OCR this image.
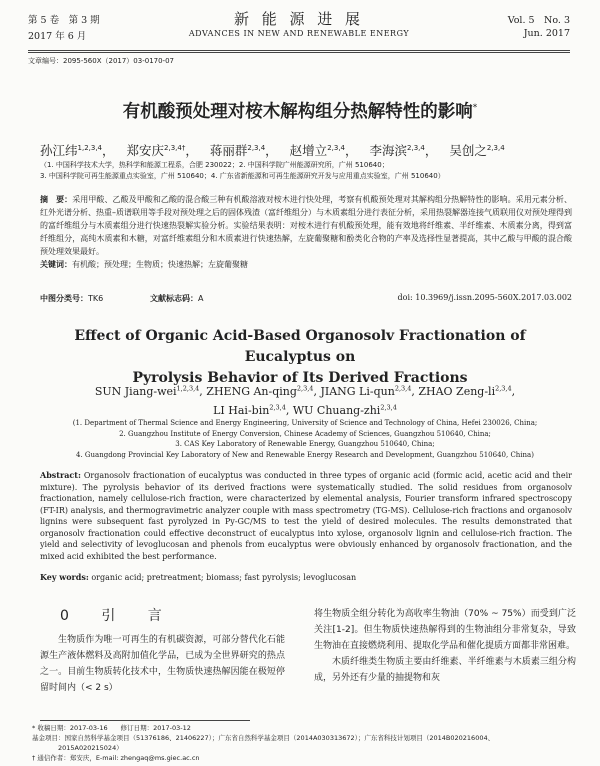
第 5 卷　第 3 期
2017 年 6 月
新 能 源 进 展
ADVANCES IN NEW AND RENEWABLE ENERGY
Vol. 5　No. 3
Jun. 2017
文章编号：2095-560X（2017）03-0170-07
有机酸预处理对桉木解构组分热解特性的影响*
孙江纬$^{1,2,3,4}$， 郑安庆$^{2,3,4\dagger}$， 蒋丽群$^{2,3,4}$， 赵增立$^{2,3,4}$， 李海滨$^{2,3,4}$， 吴创之$^{2,3,4}$
（1. 中国科学技术大学，热科学和能源工程系，合肥 230022；2. 中国科学院广州能源研究所，广州 510640；
3. 中国科学院可再生能源重点实验室，广州 510640；4. 广东省新能源和可再生能源研究开发与应用重点实验室，广州 510640）
摘　要：采用甲酸、乙酸及甲酸和乙酸的混合酸三种有机酸溶液对桉木进行快处理，考察有机酸预处理对其解构组分热解特性的影响。采用元素分析、红外光谱分析、热重–质谱联用等手段对预处理之后的固体残渣（富纤维组分）与木质素组分进行表征分析，采用热裂解器连接气质联用仪对预处理得到的富纤维组分与木质素组分进行快速热裂解实验分析。实验结果表明：对桉木进行有机酸预处理，能有效地将纤维素、半纤维素、木质素分离，得到富纤维组分，高纯木质素和木糖，对富纤维素组分和木质素进行快速热解，左旋葡聚糖和酚类化合物的产率及选择性显著提高，其中乙酸与甲酸的混合酸预处理效果最好。
关键词：有机酸；预处理；生物质；快速热解；左旋葡聚糖
中图分类号：TK6	文献标志码：A	doi: 10.3969/j.issn.2095-560X.2017.03.002
Effect of Organic Acid-Based Organosolv Fractionation of Eucalyptus on
Pyrolysis Behavior of Its Derived Fractions
SUN Jiang-wei$^{1,2,3,4}$, ZHENG An-qing$^{2,3,4}$, JIANG Li-qun$^{2,3,4}$, ZHAO Zeng-li$^{2,3,4}$,
LI Hai-bin$^{2,3,4}$, WU Chuang-zhi$^{2,3,4}$
(1. Department of Thermal Science and Energy Engineering, University of Science and Technology of China, Hefei 230026, China;
2. Guangzhou Institute of Energy Conversion, Chinese Academy of Sciences, Guangzhou 510640, China;
3. CAS Key Laboratory of Renewable Energy, Guangzhou 510640, China;
4. Guangdong Provincial Key Laboratory of New and Renewable Energy Research and Development, Guangzhou 510640, China)
Abstract: Organosolv fractionation of eucalyptus was conducted in three types of organic acid (formic acid, acetic acid and their mixture). The pyrolysis behavior of its derived fractions were systematically studied. The solid residues from organosolv fractionation, namely cellulose-rich fraction, were characterized by elemental analysis, Fourier transform infrared spectroscopy (FT-IR) analysis, and thermogravimetric analyzer couple with mass spectrometry (TG-MS). Cellulose-rich fractions and organosolv lignins were subsequent fast pyrolyzed in Py-GC/MS to test the yield of desired molecules. The results demonstrated that organosolv fractionation could effective deconstruct of eucalyptus into xylose, organosolv lignin and cellulose-rich fraction. The yield and selectivity of levoglucosan and phenols from eucalyptus were obviously enhanced by organosolv fractionation, and the mixed acid exhibited the best performance.
Key words: organic acid; pretreatment; biomass; fast pyrolysis; levoglucosan
0 引 言
生物质作为唯一可再生的有机碳资源，可部分替代化石能源生产液体燃料及高附加值化学品，已成为全世界研究的热点之一。目前生物质转化技术中，生物质快速热解因能在极短停留时间内（< 2 s）

将生物质全组分转化为高收率生物油（70% ~ 75%）而受到广泛关注[1-2]。但生物质快速热解得到的生物油组分非常复杂，导致生物油在直接燃烧利用、提取化学品和催化提质方面都非常困难。

木质纤维类生物质主要由纤维素、半纤维素与木质素三组分构成，另外还有少量的抽提物和灰

* 收稿日期：2017-03-16　　修订日期：2017-03-12
基金项目：国家自然科学基金项目（51376186、21406227）；广东省自然科学基金项目（2014A030313672）；广东省科技计划项目（2014B020216004、
　　　　2015A020215024）
† 通信作者：郑安庆，E-mail: zhengaq@ms.giec.ac.cn
